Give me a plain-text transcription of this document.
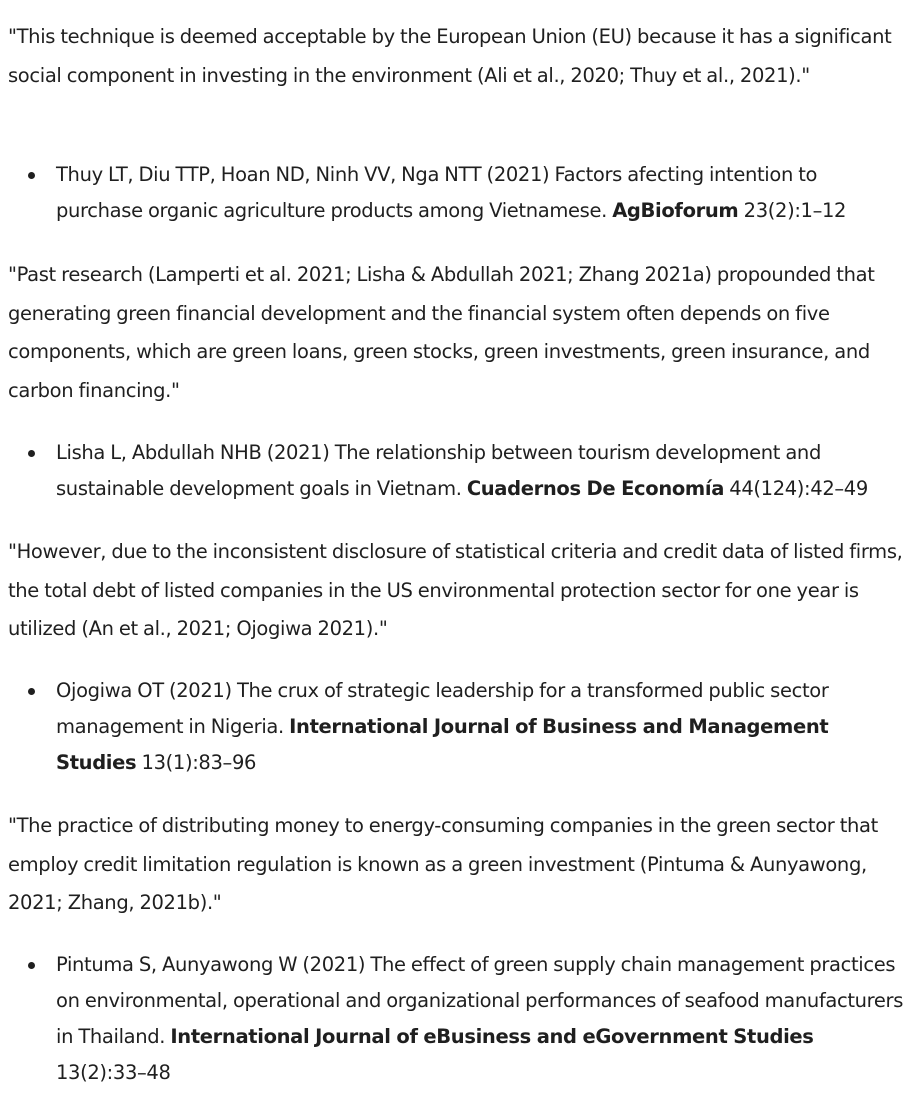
"This technique is deemed acceptable by the European Union (EU) because it has a significant social component in investing in the environment (Ali et al., 2020; Thuy et al., 2021)."

Thuy LT, Diu TTP, Hoan ND, Ninh VV, Nga NTT (2021) Factors afecting intention to purchase organic agriculture products among Vietnamese. AgBioforum 23(2):1–12

"Past research (Lamperti et al. 2021; Lisha & Abdullah 2021; Zhang 2021a) propounded that generating green financial development and the financial system often depends on five components, which are green loans, green stocks, green investments, green insurance, and carbon financing."

Lisha L, Abdullah NHB (2021) The relationship between tourism development and sustainable development goals in Vietnam. Cuadernos De Economía 44(124):42–49

"However, due to the inconsistent disclosure of statistical criteria and credit data of listed firms, the total debt of listed companies in the US environmental protection sector for one year is utilized (An et al., 2021; Ojogiwa 2021)."

Ojogiwa OT (2021) The crux of strategic leadership for a transformed public sector management in Nigeria. International Journal of Business and Management Studies 13(1):83–96

"The practice of distributing money to energy-consuming companies in the green sector that employ credit limitation regulation is known as a green investment (Pintuma & Aunyawong, 2021; Zhang, 2021b)."

Pintuma S, Aunyawong W (2021) The effect of green supply chain management practices on environmental, operational and organizational performances of seafood manufacturers in Thailand. International Journal of eBusiness and eGovernment Studies 13(2):33–48
